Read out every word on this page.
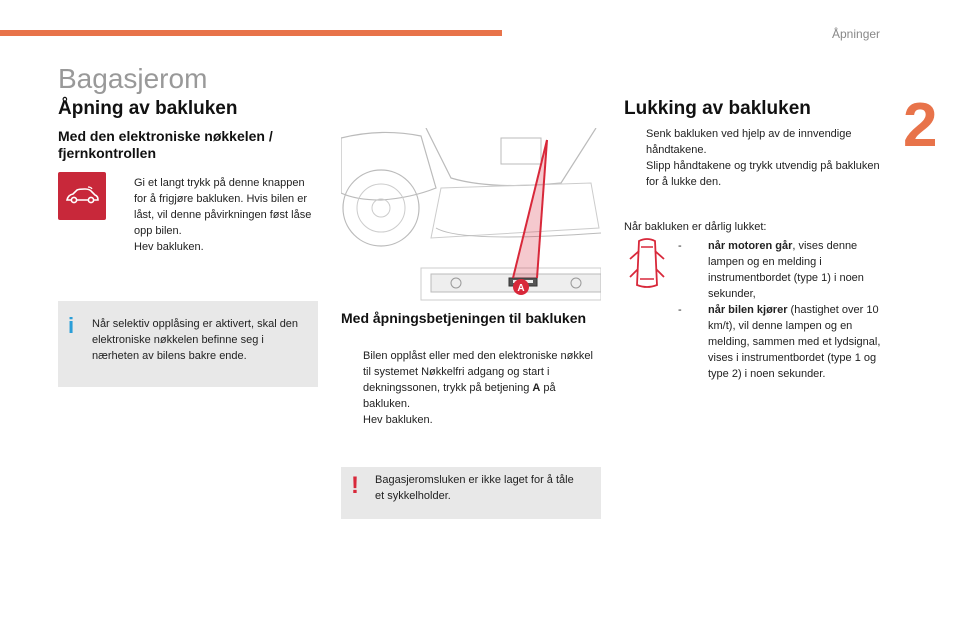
Åpninger
2
Bagasjerom
Åpning av bakluken
Med den elektroniske nøkkelen / fjernkontrollen
Gi et langt trykk på denne knappen for å frigjøre bakluken. Hvis bilen er låst, vil denne påvirkningen føst låse opp bilen.
Hev bakluken.
i Når selektiv opplåsing er aktivert, skal den elektroniske nøkkelen befinne seg i nærheten av bilens bakre ende.
A
Med åpningsbetjeningen til bakluken
Bilen opplåst eller med den elektroniske nøkkel til systemet Nøkkelfri adgang og start i dekningssonen, trykk på betjening A på bakluken.
Hev bakluken.
! Bagasjeromsluken er ikke laget for å tåle et sykkelholder.
Lukking av bakluken
Senk bakluken ved hjelp av de innvendige håndtakene.
Slipp håndtakene og trykk utvendig på bakluken for å lukke den.
Når bakluken er dårlig lukket:
-	når motoren går, vises denne lampen og en melding i instrumentbordet (type 1) i noen sekunder,
-	når bilen kjører (hastighet over 10 km/t), vil denne lampen og en melding, sammen med et lydsignal, vises i instrumentbordet (type 1 og type 2) i noen sekunder.
